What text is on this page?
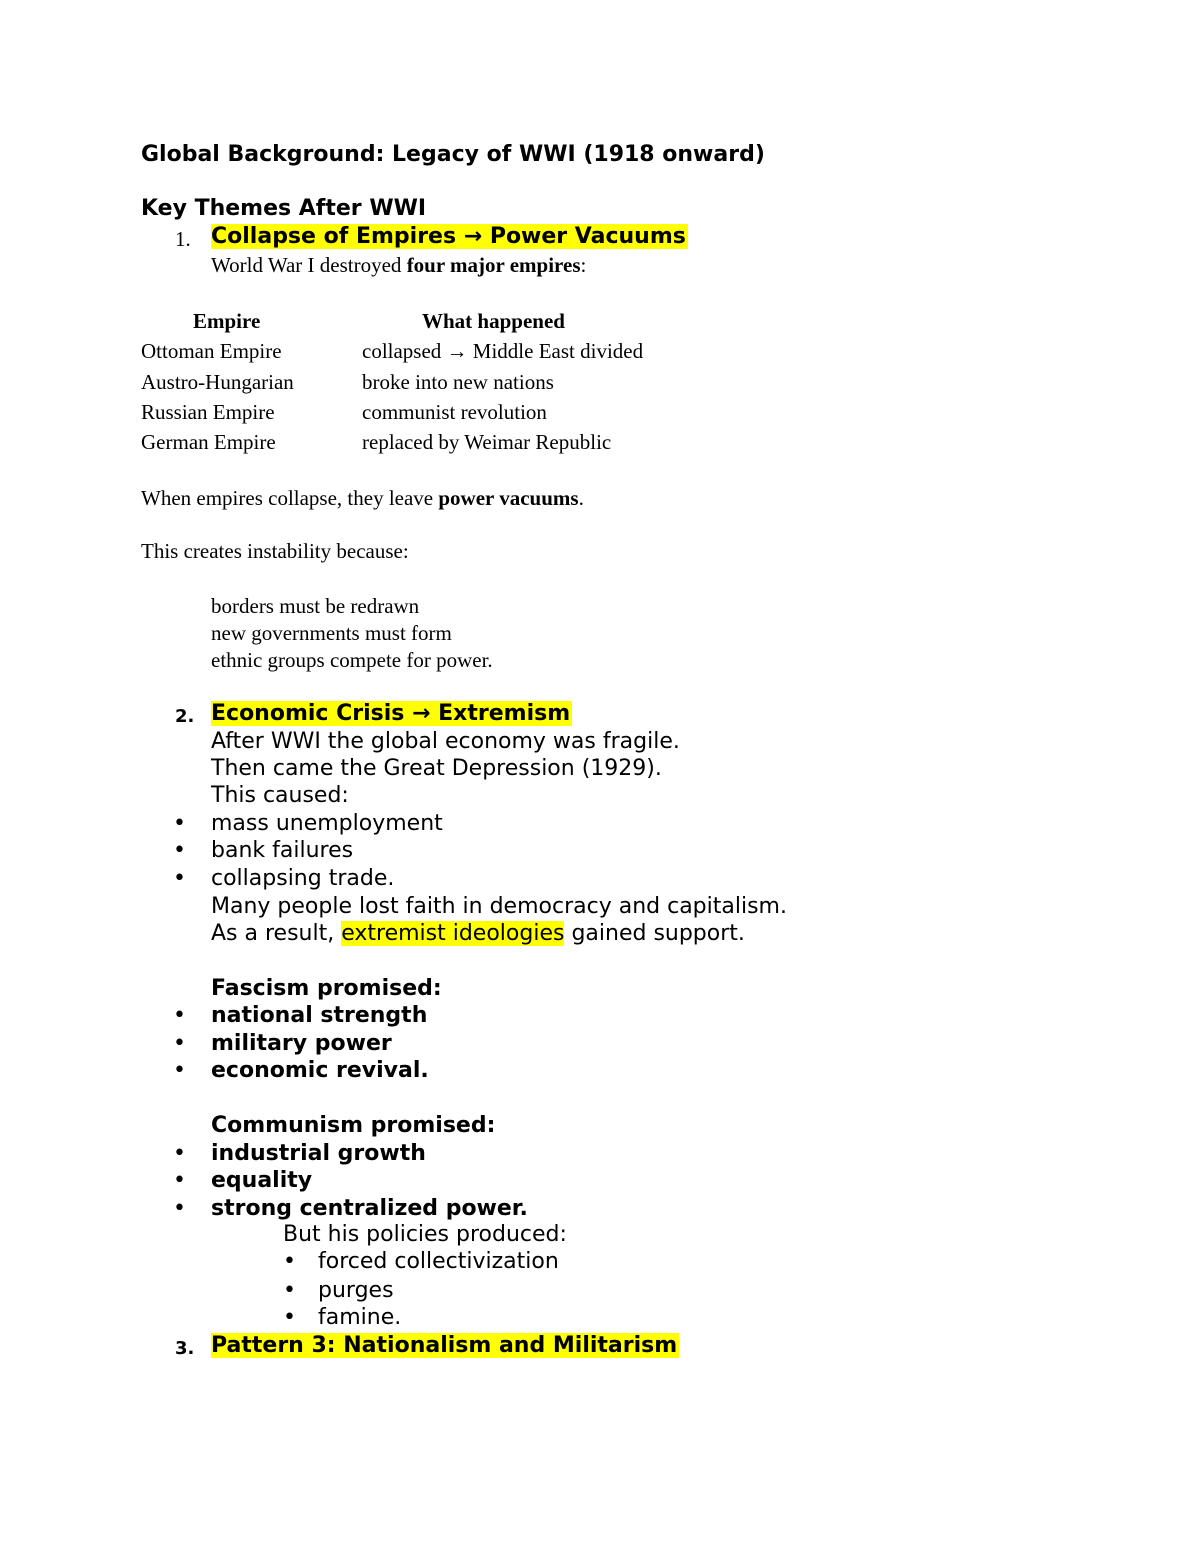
Global Background: Legacy of WWI (1918 onward)
Key Themes After WWI
1. Collapse of Empires → Power Vacuums
World War I destroyed four major empires:
Empire	What happened
Ottoman Empire	collapsed → Middle East divided
Austro-Hungarian	broke into new nations
Russian Empire	communist revolution
German Empire	replaced by Weimar Republic
When empires collapse, they leave power vacuums.
This creates instability because:
borders must be redrawn
new governments must form
ethnic groups compete for power.
2. Economic Crisis → Extremism
After WWI the global economy was fragile.
Then came the Great Depression (1929).
This caused:
• mass unemployment
• bank failures
• collapsing trade.
Many people lost faith in democracy and capitalism.
As a result, extremist ideologies gained support.
Fascism promised:
• national strength
• military power
• economic revival.
Communism promised:
• industrial growth
• equality
• strong centralized power.
But his policies produced:
• forced collectivization
• purges
• famine.
3. Pattern 3: Nationalism and Militarism
